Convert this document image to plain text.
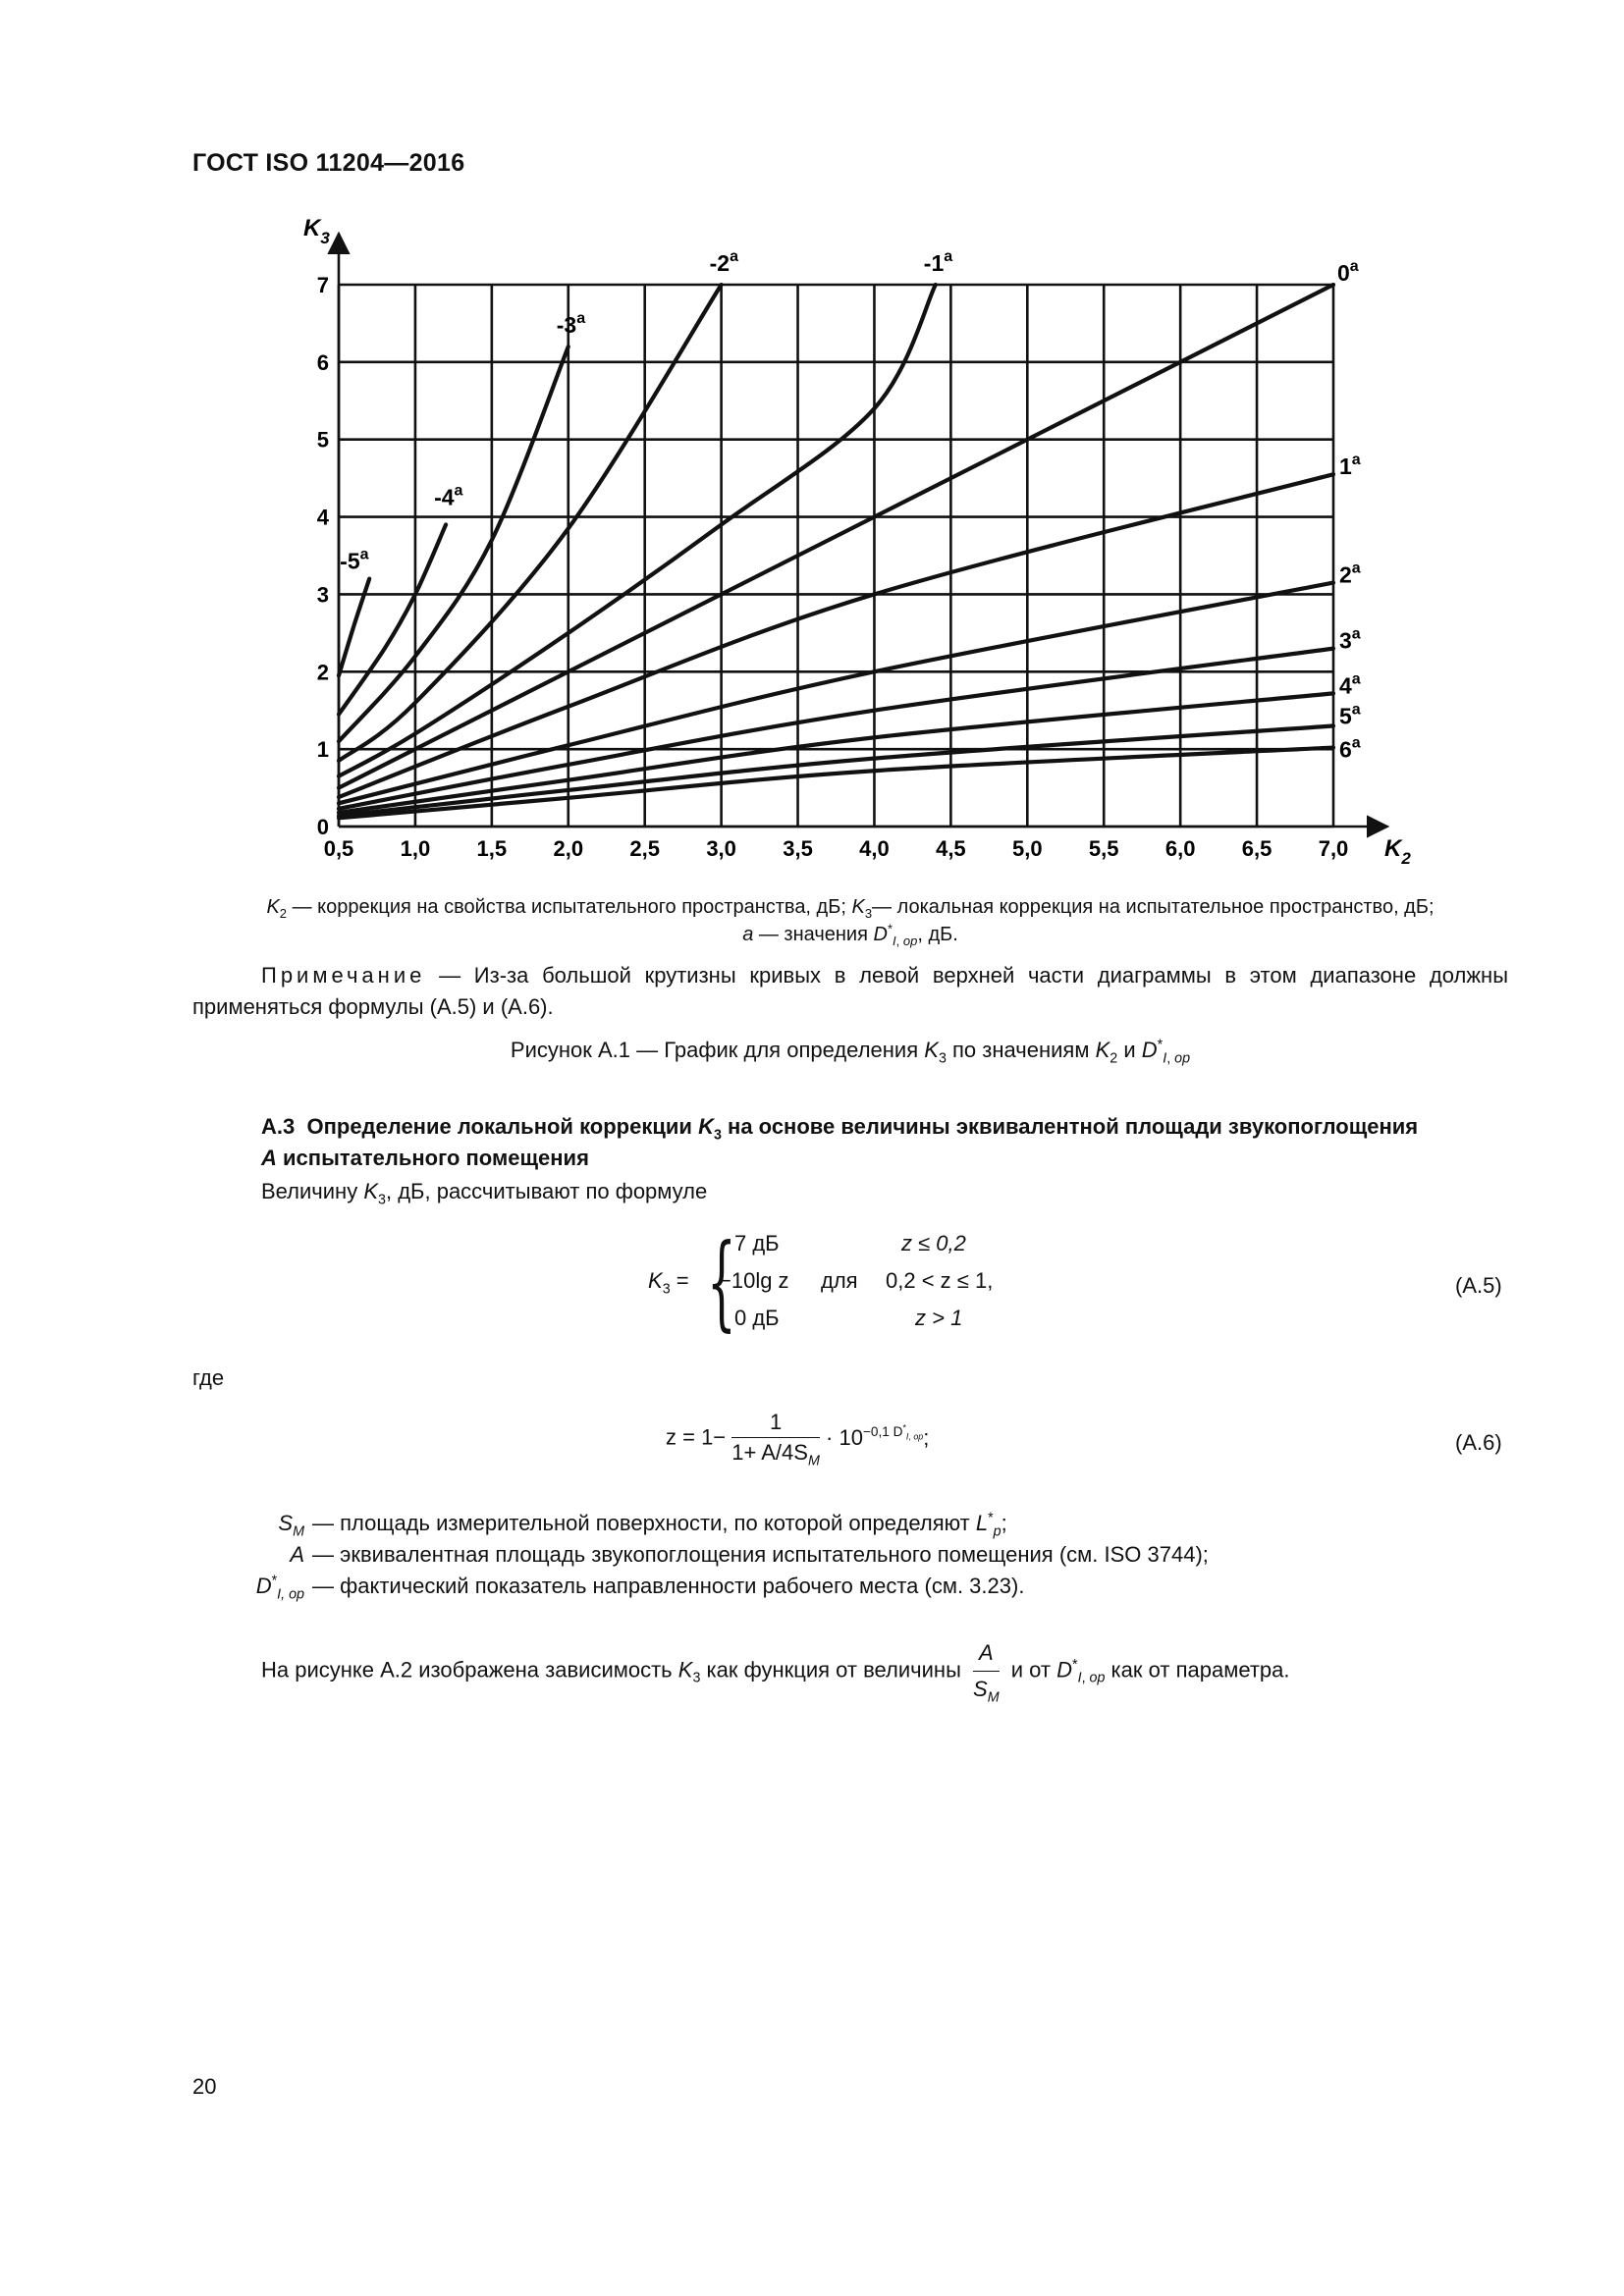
ГОСТ ISO 11204—2016
0,5 1,0 1,5 2,0 2,5 3,0 3,5 4,0 4,5 5,0 5,5 6,0 6,5 7,0
0
1
2
3
4
5
6
7
$K_2$
$K_3$
-5$^a$
-4$^a$
-3$^a$
-2$^a$	-1$^a$
0$^a$
1$^a$
2$^a$
3$^a$
4$^a$
5$^a$
6$^a$
$K_2$ — коррекция на свойства испытательного пространства, дБ; $K_3—$ локальная коррекция на испытательное пространство, дБ;
a — значения $D^*_{I, op}$, дБ.
Примечание — Из-за большой крутизны кривых в левой верхней части диаграммы в этом диапазоне должны применяться формулы (А.5) и (А.6).
Рисунок А.1 — График для определения $K_3$ по значениям $K_2$ и $D^*_{I, op}$
А.3 Определение локальной коррекции $K_3$ на основе величины эквивалентной площади звукопоглощения
A испытательного помещения
Величину $K_3$, дБ, рассчитывают по формуле
$K_3$ = {
7 дБ	z ≤ 0,2
−10lg z для 0,2 < z ≤ 1,
0 дБ	z > 1
(А.5)
где
$z = 1- \frac{1}{1+ A/4S_M} \cdot 10^{-0,1 D^*_{I, op}}$;	(А.6)
$S_M$ — площадь измерительной поверхности, по которой определяют $L^*_p$;
A — эквивалентная площадь звукопоглощения испытательного помещения (см. ISO 3744);
$D^*_{I, op}$ — фактический показатель направленности рабочего места (см. 3.23).
На рисунке А.2 изображена зависимость $K_3$ как функция от величины $\frac{A}{S_M}$ и от $D^*_{I, op}$ как от параметра.
20
